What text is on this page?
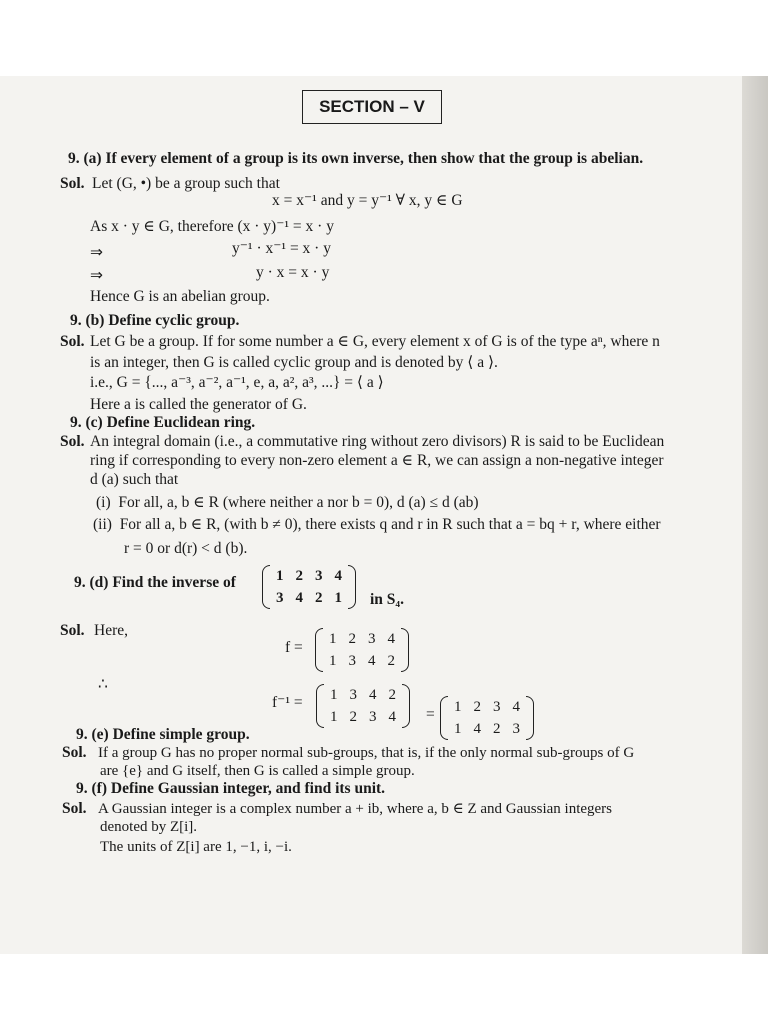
SECTION – V
9. (a) If every element of a group is its own inverse, then show that the group is abelian.
Sol. Let (G, •) be a group such that
x = x⁻¹ and y = y⁻¹ ∀ x, y ∈ G
As x · y ∈ G, therefore (x · y)⁻¹ = x · y
⇒	y⁻¹ · x⁻¹ = x · y
⇒	y · x = x · y
Hence G is an abelian group.
9. (b) Define cyclic group.
Sol. Let G be a group. If for some number a ∈ G, every element x of G is of the type aⁿ, where n
is an integer, then G is called cyclic group and is denoted by ⟨ a ⟩.
i.e., G = {..., a⁻³, a⁻², a⁻¹, e, a, a², a³, ...} = ⟨ a ⟩
Here a is called the generator of G.
9. (c) Define Euclidean ring.
Sol. An integral domain (i.e., a commutative ring without zero divisors) R is said to be Euclidean
ring if corresponding to every non-zero element a ∈ R, we can assign a non-negative integer
d (a) such that
(i) For all, a, b ∈ R (where neither a nor b = 0), d (a) ≤ d (ab)
(ii) For all a, b ∈ R, (with b ≠ 0), there exists q and r in R such that a = bq + r, where either
r = 0 or d(r) < d (b).
9. (d) Find the inverse of	1	2	3	4
3	4	2	1 in S₄.
Sol. Here,
f = 1	2	3	4
1	3	4	2
∴
f⁻¹ = 1	3	4	2
1	2	3	4 = 1	2	3	4
1	4	2	3
9. (e) Define simple group.
Sol. If a group G has no proper normal sub-groups, that is, if the only normal sub-groups of G
are {e} and G itself, then G is called a simple group.
9. (f) Define Gaussian integer, and find its unit.
Sol. A Gaussian integer is a complex number a + ib, where a, b ∈ Z and Gaussian integers
denoted by Z[i].
The units of Z[i] are 1, −1, i, −i.
